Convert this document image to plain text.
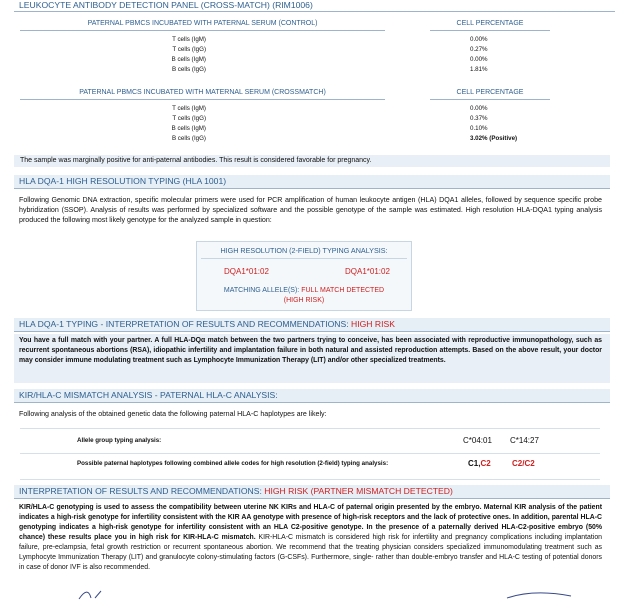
LEUKOCYTE ANTIBODY DETECTION PANEL (CROSS-MATCH) (RIM1006)
PATERNAL PBMCS INCUBATED WITH PATERNAL SERUM (CONTROL)	CELL PERCENTAGE
T cells (IgM)	0.00%
T cells (IgG)	0.27%
B cells (IgM)	0.00%
B cells (IgG)	1.81%
PATERNAL PBMCS INCUBATED WITH MATERNAL SERUM (CROSSMATCH)	CELL PERCENTAGE
T cells (IgM)	0.00%
T cells (IgG)	0.37%
B cells (IgM)	0.10%
B cells (IgG)	3.02% (Positive)
The sample was marginally positive for anti-paternal antibodies. This result is considered favorable for pregnancy.
HLA DQA-1 HIGH RESOLUTION TYPING (HLA 1001)
Following Genomic DNA extraction, specific molecular primers were used for PCR amplification of human leukocyte antigen (HLA) DQA1 alleles, followed by sequence specific probe hybridization (SSOP). Analysis of results was performed by specialized software and the possible genotype of the sample was estimated. High resolution HLA-DQA1 typing analysis produced the following most likely genotype for the analyzed sample in question:
HIGH RESOLUTION (2-FIELD) TYPING ANALYSIS:
DQA1*01:02	DQA1*01:02
MATCHING ALLELE(S): FULL MATCH DETECTED
(HIGH RISK)
HLA DQA-1 TYPING - INTERPRETATION OF RESULTS AND RECOMMENDATIONS: HIGH RISK
You have a full match with your partner. A full HLA-DQα match between the two partners trying to conceive, has been associated with reproductive immunopathology, such as recurrent spontaneous abortions (RSA), idiopathic infertility and implantation failure in both natural and assisted reproduction attempts. Based on the above result, your doctor may consider immune modulating treatment such as Lymphocyte Immunization Therapy (LIT) and/or other specialized treatments.
KIR/HLA-C MISMATCH ANALYSIS - PATERNAL HLA-C ANALYSIS:
Following analysis of the obtained genetic data the following paternal HLA-C haplotypes are likely:
Allele group typing analysis:	C*04:01 C*14:27
Possible paternal haplotypes following combined allele codes for high resolution (2-field) typing analysis:	C1,C2	C2/C2
INTERPRETATION OF RESULTS AND RECOMMENDATIONS: HIGH RISK (PARTNER MISMATCH DETECTED)
KIR/HLA-C genotyping is used to assess the compatibility between uterine NK KIRs and HLA-C of paternal origin presented by the embryo. Maternal KIR analysis of the patient indicates a high-risk genotype for infertility consistent with the KIR AA genotype with presence of high-risk receptors and the lack of protective ones. In addition, parental HLA-C genotyping indicates a high-risk genotype for infertility consistent with an HLA C2-positive genotype. In the presence of a paternally derived HLA-C2-positive embryo (50% chance) these results place you in high risk for KIR-HLA-C mismatch. KIR-HLA-C mismatch is considered high risk for infertility and pregnancy complications including implantation failure, pre-eclampsia, fetal growth restriction or recurrent spontaneous abortion. We recommend that the treating physician considers specialized immunomodulating treatment such as Lymphocyte Immunization Therapy (LIT) and granulocyte colony-stimulating factors (G-CSFs). Furthermore, single- rather than double-embryo transfer and HLA-C testing of potential donors in case of donor IVF is also recommended.
